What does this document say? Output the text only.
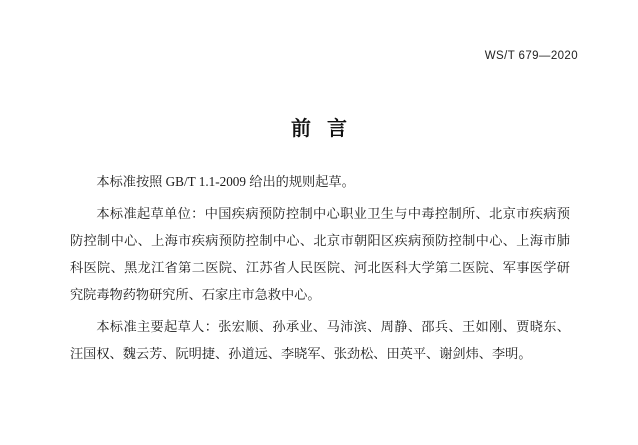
WS/T 679—2020
前言

本标准按照 GB/T 1.1-2009 给出的规则起草。

本标准起草单位：中国疾病预防控制中心职业卫生与中毒控制所、北京市疾病预防控制中心、上海市疾病预防控制中心、北京市朝阳区疾病预防控制中心、上海市肺科医院、黑龙江省第二医院、江苏省人民医院、河北医科大学第二医院、军事医学研究院毒物药物研究所、石家庄市急救中心。

本标准主要起草人：张宏顺、孙承业、马沛滨、周静、邵兵、王如刚、贾晓东、汪国权、魏云芳、阮明捷、孙道远、李晓军、张劲松、田英平、谢剑炜、李明。
